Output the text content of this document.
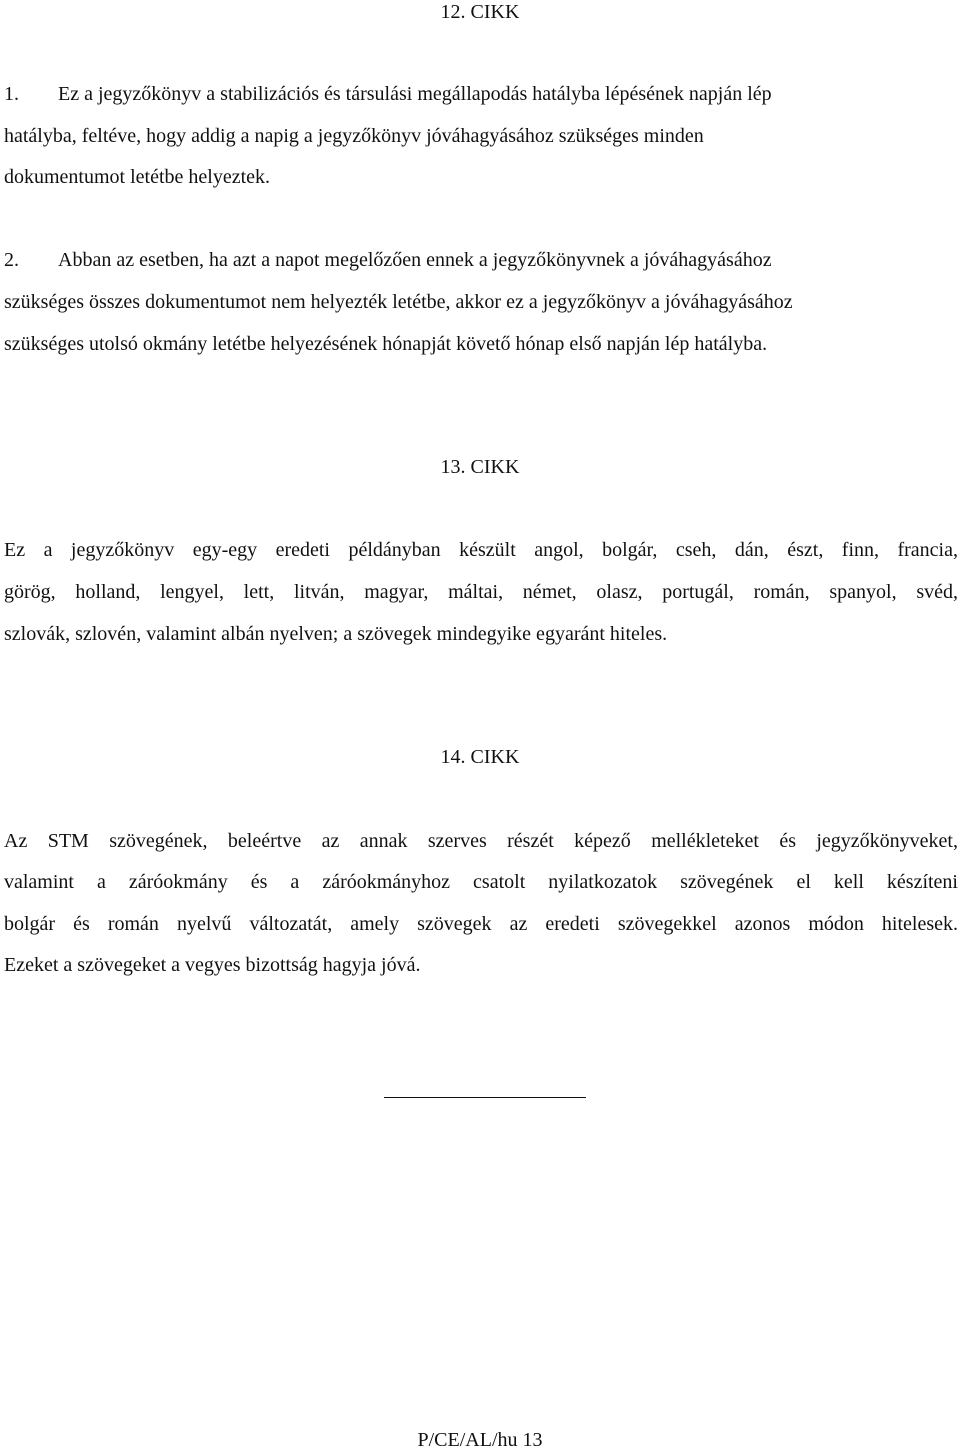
12. CIKK

1. Ez a jegyzőkönyv a stabilizációs és társulási megállapodás hatályba lépésének napján lép

hatályba, feltéve, hogy addig a napig a jegyzőkönyv jóváhagyásához szükséges minden

dokumentumot letétbe helyeztek.

2. Abban az esetben, ha azt a napot megelőzően ennek a jegyzőkönyvnek a jóváhagyásához

szükséges összes dokumentumot nem helyezték letétbe, akkor ez a jegyzőkönyv a jóváhagyásához

szükséges utolsó okmány letétbe helyezésének hónapját követő hónap első napján lép hatályba.

13. CIKK

Ez a jegyzőkönyv egy-egy eredeti példányban készült angol, bolgár, cseh, dán, észt, finn, francia,

görög, holland, lengyel, lett, litván, magyar, máltai, német, olasz, portugál, román, spanyol, svéd,

szlovák, szlovén, valamint albán nyelven; a szövegek mindegyike egyaránt hiteles.

14. CIKK

Az STM szövegének, beleértve az annak szerves részét képező mellékleteket és jegyzőkönyveket,

valamint a záróokmány és a záróokmányhoz csatolt nyilatkozatok szövegének el kell készíteni

bolgár és román nyelvű változatát, amely szövegek az eredeti szövegekkel azonos módon hitelesek.

Ezeket a szövegeket a vegyes bizottság hagyja jóvá.

P/CE/AL/hu 13
